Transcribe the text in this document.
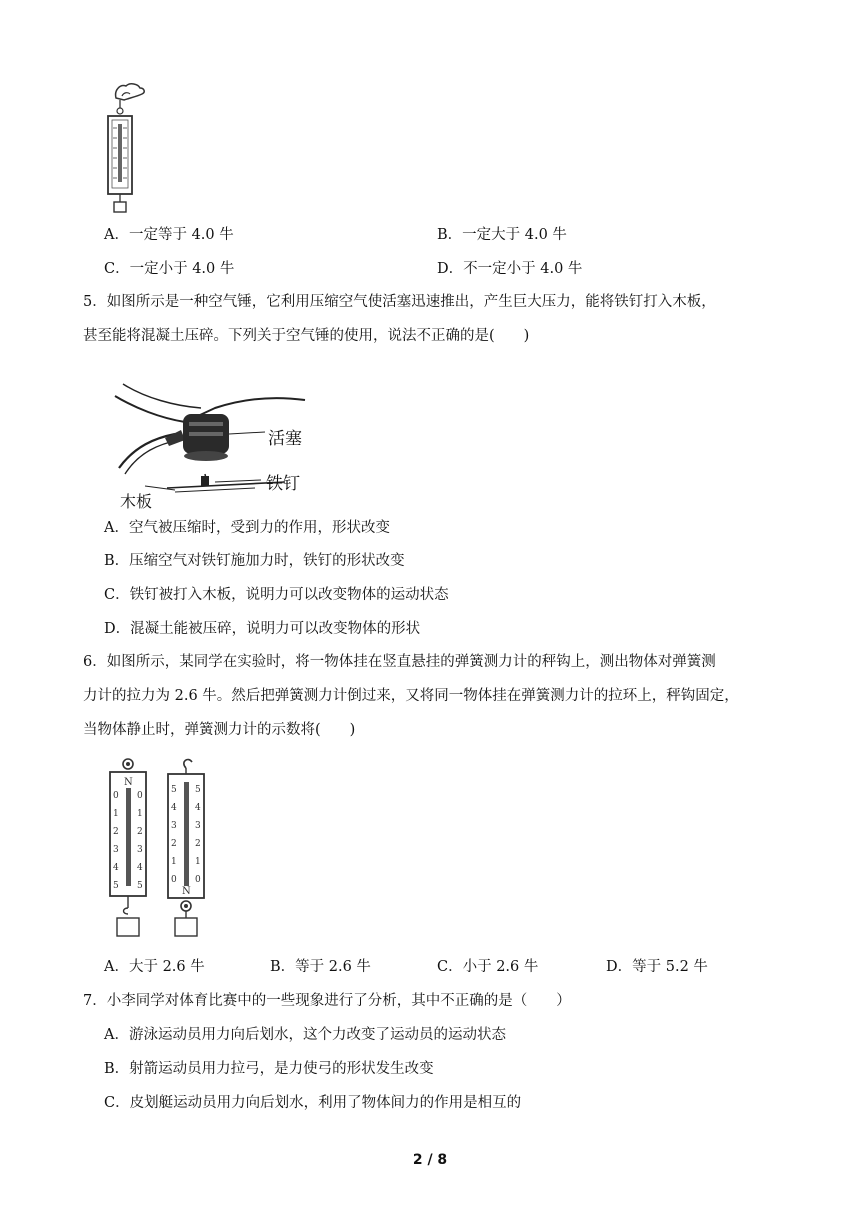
A．一定等于 4.0 牛	B．一定大于 4.0 牛
C．一定小于 4.0 牛	D．不一定小于 4.0 牛
5．如图所示是一种空气锤，它利用压缩空气使活塞迅速推出，产生巨大压力，能将铁钉打入木板，
甚至能将混凝土压碎。下列关于空气锤的使用，说法不正确的是(　　)
活塞
铁钉
木板
A．空气被压缩时，受到力的作用，形状改变
B．压缩空气对铁钉施加力时，铁钉的形状改变
C．铁钉被打入木板，说明力可以改变物体的运动状态
D．混凝土能被压碎，说明力可以改变物体的形状
6．如图所示，某同学在实验时，将一物体挂在竖直悬挂的弹簧测力计的秤钩上，测出物体对弹簧测
力计的拉力为 2.6 牛。然后把弹簧测力计倒过来，又将同一物体挂在弹簧测力计的拉环上，秤钩固定，
当物体静止时，弹簧测力计的示数将(　　)
N
0 0
1 1
2 2
3 3
4 4
5 5
5 5
4 4
3 3
2 2
1 1
0 0
N
A．大于 2.6 牛	B．等于 2.6 牛	C．小于 2.6 牛	D．等于 5.2 牛
7．小李同学对体育比赛中的一些现象进行了分析，其中不正确的是（　　）
A．游泳运动员用力向后划水，这个力改变了运动员的运动状态
B．射箭运动员用力拉弓，是力使弓的形状发生改变
C．皮划艇运动员用力向后划水，利用了物体间力的作用是相互的
2 / 8
